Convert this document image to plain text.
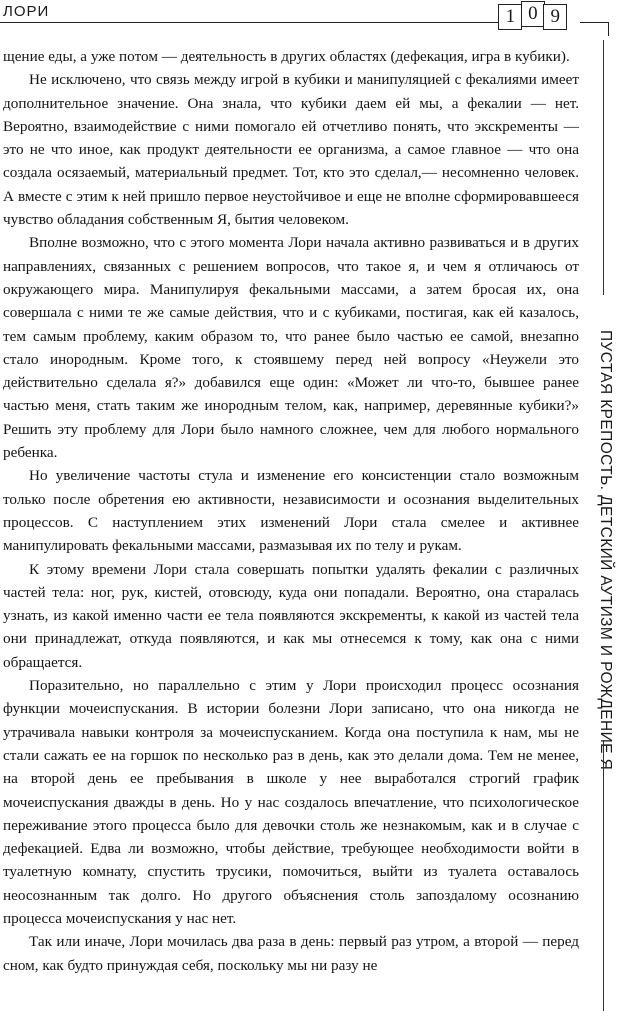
ЛОРИ	1 0 9

щение еды, а уже потом — деятельность в других областях (дефекация, игра в кубики).

Не исключено, что связь между игрой в кубики и манипуляцией с фекалиями имеет дополнительное значение. Она знала, что кубики даем ей мы, а фекалии — нет. Вероятно, взаимодействие с ними помогало ей отчетливо понять, что экскременты — это не что иное, как продукт деятельности ее организма, а самое главное — что она создала осязаемый, материальный предмет. Тот, кто это сделал,— несомненно человек. А вместе с этим к ней пришло первое неустойчивое и еще не вполне сформировавшееся чувство обладания собственным Я, бытия человеком.

Вполне возможно, что с этого момента Лори начала активно развиваться и в других направлениях, связанных с решением вопросов, что такое я, и чем я отличаюсь от окружающего мира. Манипулируя фекальными массами, а затем бросая их, она совершала с ними те же самые действия, что и с кубиками, постигая, как ей казалось, тем самым проблему, каким образом то, что ранее было частью ее самой, внезапно стало инородным. Кроме того, к стоявшему перед ней вопросу «Неужели это действительно сделала я?» добавился еще один: «Может ли что-то, бывшее ранее частью меня, стать таким же инородным телом, как, например, деревянные кубики?» Решить эту проблему для Лори было намного сложнее, чем для любого нормального ребенка.

Но увеличение частоты стула и изменение его консистенции стало возможным только после обретения ею активности, независимости и осознания выделительных процессов. С наступлением этих изменений Лори стала смелее и активнее манипулировать фекальными массами, размазывая их по телу и рукам.

К этому времени Лори стала совершать попытки удалять фекалии с различных частей тела: ног, рук, кистей, отовсюду, куда они попадали. Вероятно, она старалась узнать, из какой именно части ее тела появляются экскременты, к какой из частей тела они принадлежат, откуда появляются, и как мы отнесемся к тому, как она с ними обращается.

Поразительно, но параллельно с этим у Лори происходил процесс осознания функции мочеиспускания. В истории болезни Лори записано, что она никогда не утрачивала навыки контроля за мочеиспусканием. Когда она поступила к нам, мы не стали сажать ее на горшок по несколько раз в день, как это делали дома. Тем не менее, на второй день ее пребывания в школе у нее выработался строгий график мочеиспускания дважды в день. Но у нас создалось впечатление, что психологическое переживание этого процесса было для девочки столь же незнакомым, как и в случае с дефекацией. Едва ли возможно, чтобы действие, требующее необходимости войти в туалетную комнату, спустить трусики, помочиться, выйти из туалета оставалось неосознанным так долго. Но другого объяснения столь запоздалому осознанию процесса мочеиспускания у нас нет.

Так или иначе, Лори мочилась два раза в день: первый раз утром, а второй — перед сном, как будто принуждая себя, поскольку мы ни разу не

ПУСТАЯ КРЕПОСТЬ. ДЕТСКИЙ АУТИЗМ И РОЖДЕНИЕ Я
